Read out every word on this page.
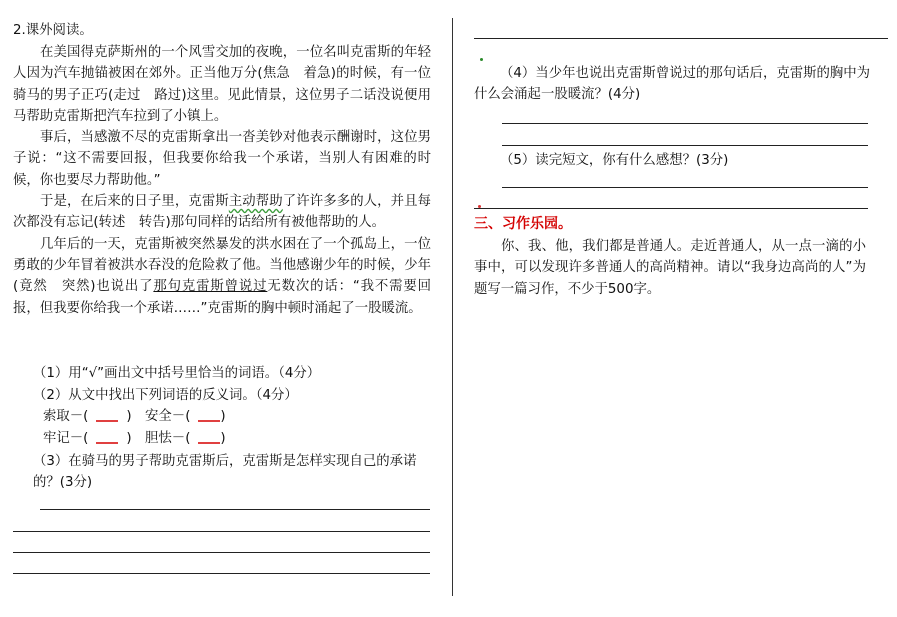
2.课外阅读。

在美国得克萨斯州的一个风雪交加的夜晚，一位名叫克雷斯的年轻人因为汽车抛锚被困在郊外。正当他万分(焦急　着急)的时候，有一位骑马的男子正巧(走过　路过)这里。见此情景，这位男子二话没说便用马帮助克雷斯把汽车拉到了小镇上。

事后，当感激不尽的克雷斯拿出一沓美钞对他表示酬谢时，这位男子说：“这不需要回报，但我要你给我一个承诺，当别人有困难的时候，你也要尽力帮助他。”

于是，在后来的日子里，克雷斯主动帮助了许许多多的人，并且每次都没有忘记(转述　转告)那句同样的话给所有被他帮助的人。

几年后的一天，克雷斯被突然暴发的洪水困在了一个孤岛上，一位勇敢的少年冒着被洪水吞没的危险救了他。当他感谢少年的时候，少年(竟然　突然)也说出了那句克雷斯曾说过无数次的话：“我不需要回报，但我要你给我一个承诺……”克雷斯的胸中顿时涌起了一股暖流。

（1）用“√”画出文中括号里恰当的词语。（4分）

（2）从文中找出下列词语的反义词。（4分）

索取－(	)　安全－( )
牢记－(	)　胆怯－( )

（3）在骑马的男子帮助克雷斯后，克雷斯是怎样实现自己的承诺的？(3分)

（4）当少年也说出克雷斯曾说过的那句话后，克雷斯的胸中为什么会涌起一股暖流？(4分)

（5）读完短文，你有什么感想？(3分)

三、习作乐园。

你、我、他，我们都是普通人。走近普通人，从一点一滴的小事中，可以发现许多普通人的高尚精神。请以“我身边高尚的人”为题写一篇习作，不少于500字。
